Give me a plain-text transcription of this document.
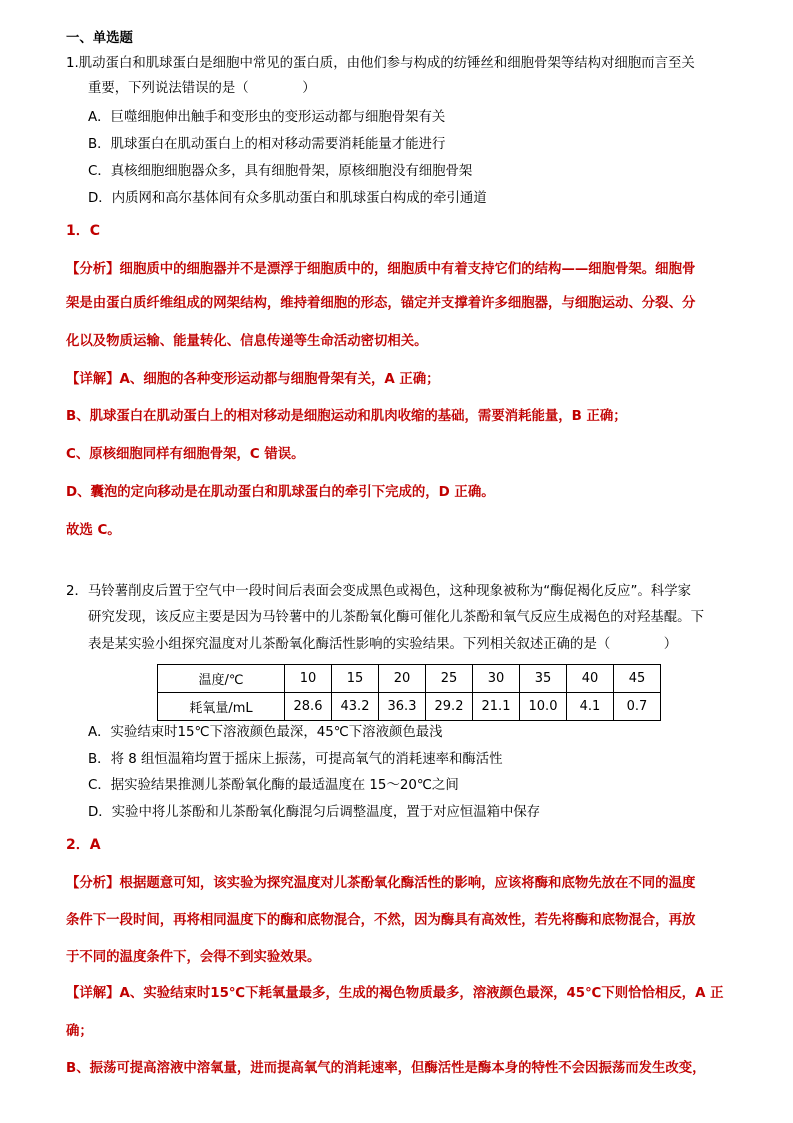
一、单选题
1.肌动蛋白和肌球蛋白是细胞中常见的蛋白质，由他们参与构成的纺锤丝和细胞骨架等结构对细胞而言至关
重要，下列说法错误的是（　　　　）
A．巨噬细胞伸出触手和变形虫的变形运动都与细胞骨架有关
B．肌球蛋白在肌动蛋白上的相对移动需要消耗能量才能进行
C．真核细胞细胞器众多，具有细胞骨架，原核细胞没有细胞骨架
D．内质网和高尔基体间有众多肌动蛋白和肌球蛋白构成的牵引通道
1．C
【分析】细胞质中的细胞器并不是漂浮于细胞质中的，细胞质中有着支持它们的结构——细胞骨架。细胞骨
架是由蛋白质纤维组成的网架结构，维持着细胞的形态，锚定并支撑着许多细胞器，与细胞运动、分裂、分
化以及物质运输、能量转化、信息传递等生命活动密切相关。
【详解】A、细胞的各种变形运动都与细胞骨架有关，A 正确；
B、肌球蛋白在肌动蛋白上的相对移动是细胞运动和肌肉收缩的基础，需要消耗能量，B 正确；
C、原核细胞同样有细胞骨架，C 错误。
D、囊泡的定向移动是在肌动蛋白和肌球蛋白的牵引下完成的，D 正确。
故选 C。
2．马铃薯削皮后置于空气中一段时间后表面会变成黑色或褐色，这种现象被称为“酶促褐化反应”。科学家
研究发现，该反应主要是因为马铃薯中的儿茶酚氧化酶可催化儿茶酚和氧气反应生成褐色的对羟基醌。下
表是某实验小组探究温度对儿茶酚氧化酶活性影响的实验结果。下列相关叙述正确的是（　　　　）
温度/℃	10	15	20	25	30	35	40	45
耗氧量/mL	28.6	43.2	36.3	29.2	21.1	10.0	4.1	0.7
A．实验结束时15℃下溶液颜色最深，45℃下溶液颜色最浅
B．将 8 组恒温箱均置于摇床上振荡，可提高氧气的消耗速率和酶活性
C．据实验结果推测儿茶酚氧化酶的最适温度在 15～20℃之间
D．实验中将儿茶酚和儿茶酚氧化酶混匀后调整温度，置于对应恒温箱中保存
2．A
【分析】根据题意可知，该实验为探究温度对儿茶酚氧化酶活性的影响，应该将酶和底物先放在不同的温度
条件下一段时间，再将相同温度下的酶和底物混合，不然，因为酶具有高效性，若先将酶和底物混合，再放
于不同的温度条件下，会得不到实验效果。
【详解】A、实验结束时15℃下耗氧量最多，生成的褐色物质最多，溶液颜色最深，45℃下则恰恰相反，A 正
确；
B、振荡可提高溶液中溶氧量，进而提高氧气的消耗速率，但酶活性是酶本身的特性不会因振荡而发生改变，
